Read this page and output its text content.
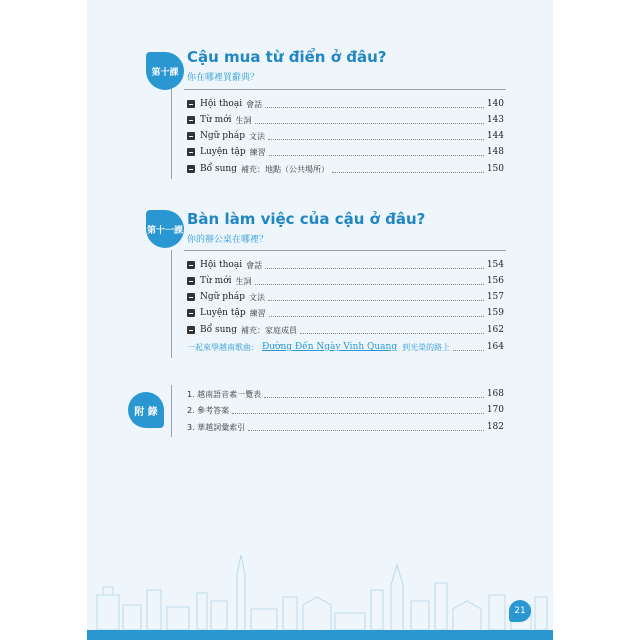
第十課
Cậu mua từ điển ở đâu?
你在哪裡買辭典？
Hội thoại 會話	140
Từ mới 生詞	143
Ngữ pháp 文法	144
Luyện tập 練習	148
Bổ sung 補充：地點（公共場所）	150
第十一課
Bàn làm việc của cậu ở đâu?
你的辦公桌在哪裡？
Hội thoại 會話	154
Từ mới 生詞	156
Ngữ pháp 文法	157
Luyện tập 練習	159
Bổ sung 補充：家庭成員	162
一起來學越南歌曲： Đường Đến Ngày Vinh Quang 到光榮的路上	164
附 錄
1. 越南語音素一覽表	168
2. 參考答案	170
3. 華越詞彙索引	182
21
